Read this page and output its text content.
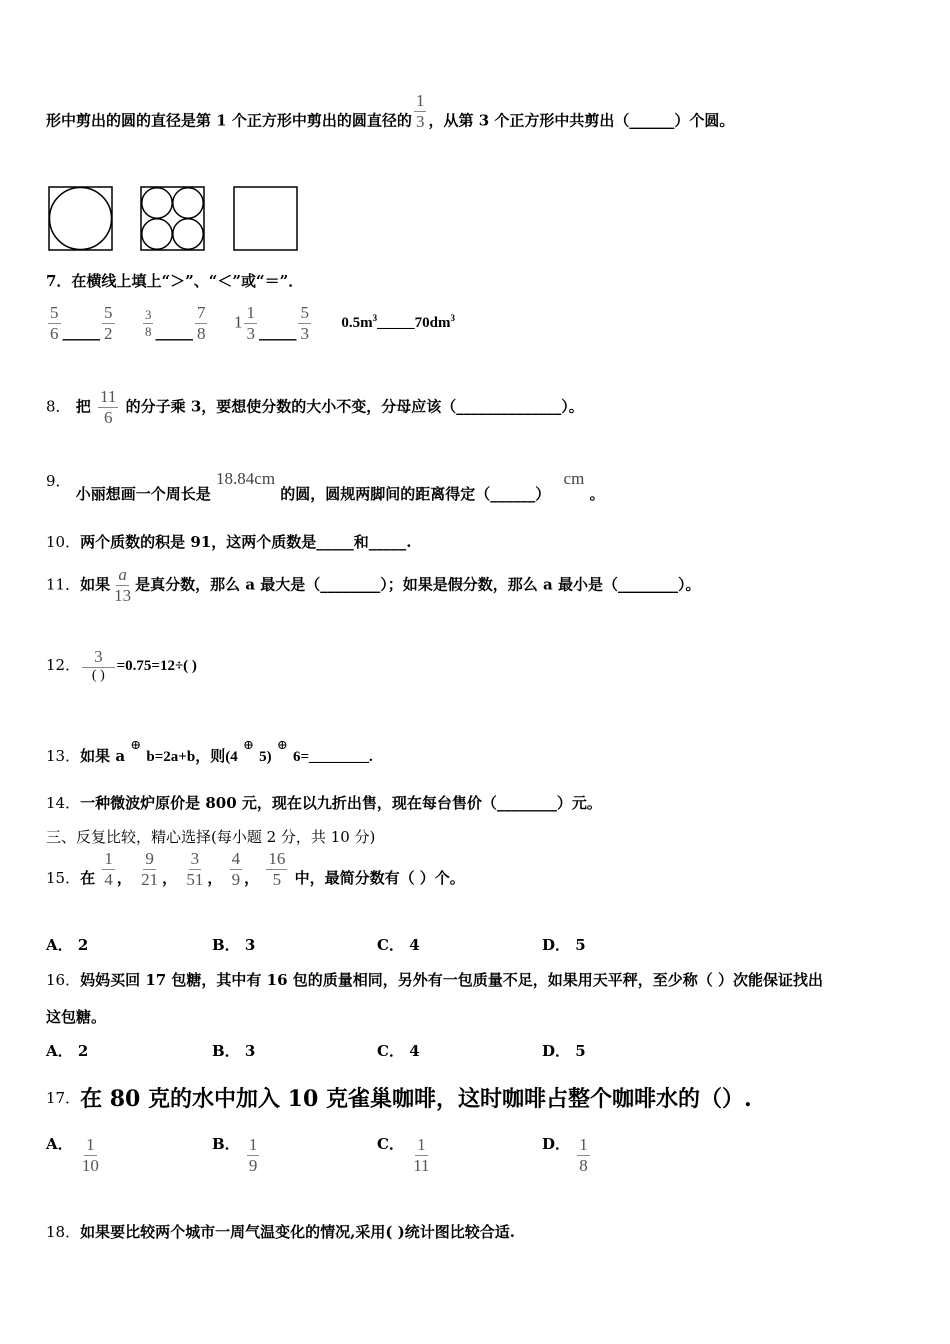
形中剪出的圆的直径是第 1 个正方形中剪出的圆直径的 $\frac{1}{3}$ ，从第 3 个正方形中共剪出（______）个圆。
7．在横线上填上“＞”、“＜”或“＝”．
$\frac{5}{6}$ _____ $\frac{5}{2}$
$\frac{3}{8}$ _____ $\frac{7}{8} 1 \frac{1}{3}$ _____ $\frac{5}{3}$ $0.5m^3\_\_\_\_\_70dm^3$
8． 把 $\frac{11}{6}$ 的分子乘 3，要想使分数的大小不变，分母应该（______________）。
9． 小丽想画一个周长是 18.84cm 的圆，圆规两脚间的距离得定（______） cm 。
10．两个质数的积是 91，这两个质数是_____和_____.
11．如果 $\frac{a}{13}$ 是真分数，那么 a 最大是（________）；如果是假分数，那么 a 最小是（________）。
12． $\frac{3}{( )} =0.75=12\div$( )
13．如果 a ⊕ b=2a+b，则(4 ⊕ 5) ⊕ 6=________.
14．一种微波炉原价是 800 元，现在以九折出售，现在每台售价（________）元。
三、反复比较，精心选择(每小题 2 分，共 10 分)
15．在 $\frac{1}{4}$ ， $\frac{9}{21}$ ， $\frac{3}{51}$ ， $\frac{4}{9}$ ， $\frac{16}{5}$ 中，最简分数有（ ）个。
A． 2	B． 3	C． 4	D． 5
16．妈妈买回 17 包糖，其中有 16 包的质量相同，另外有一包质量不足，如果用天平秤，至少称（ ）次能保证找出
这包糖。
A． 2	B． 3	C． 4	D． 5
17．在 80 克的水中加入 10 克雀巢咖啡，这时咖啡占整个咖啡水的（）.
A． $\frac{1}{10}$	B． $\frac{1}{9}$	C． $\frac{1}{11}$	D． $\frac{1}{8}$
18．如果要比较两个城市一周气温变化的情况,采用( )统计图比较合适.
